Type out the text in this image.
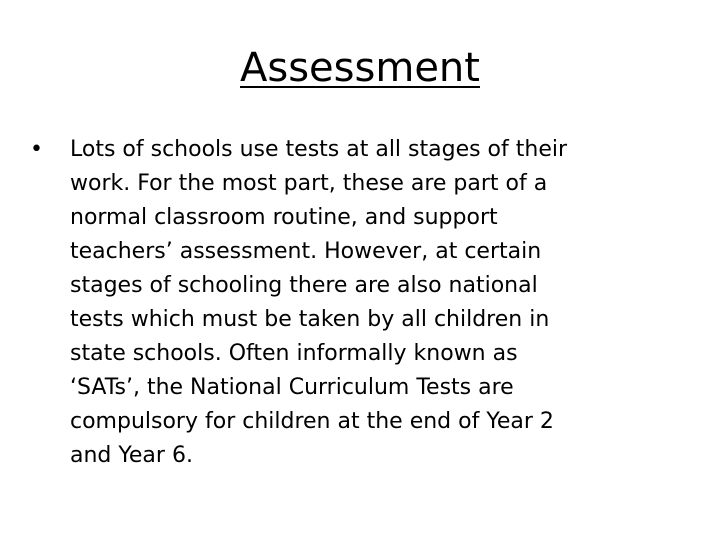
Assessment
•	Lots of schools use tests at all stages of their
work. For the most part, these are part of a
normal classroom routine, and support
teachers’ assessment. However, at certain
stages of schooling there are also national
tests which must be taken by all children in
state schools. Often informally known as
‘SATs’, the National Curriculum Tests are
compulsory for children at the end of Year 2
and Year 6.
